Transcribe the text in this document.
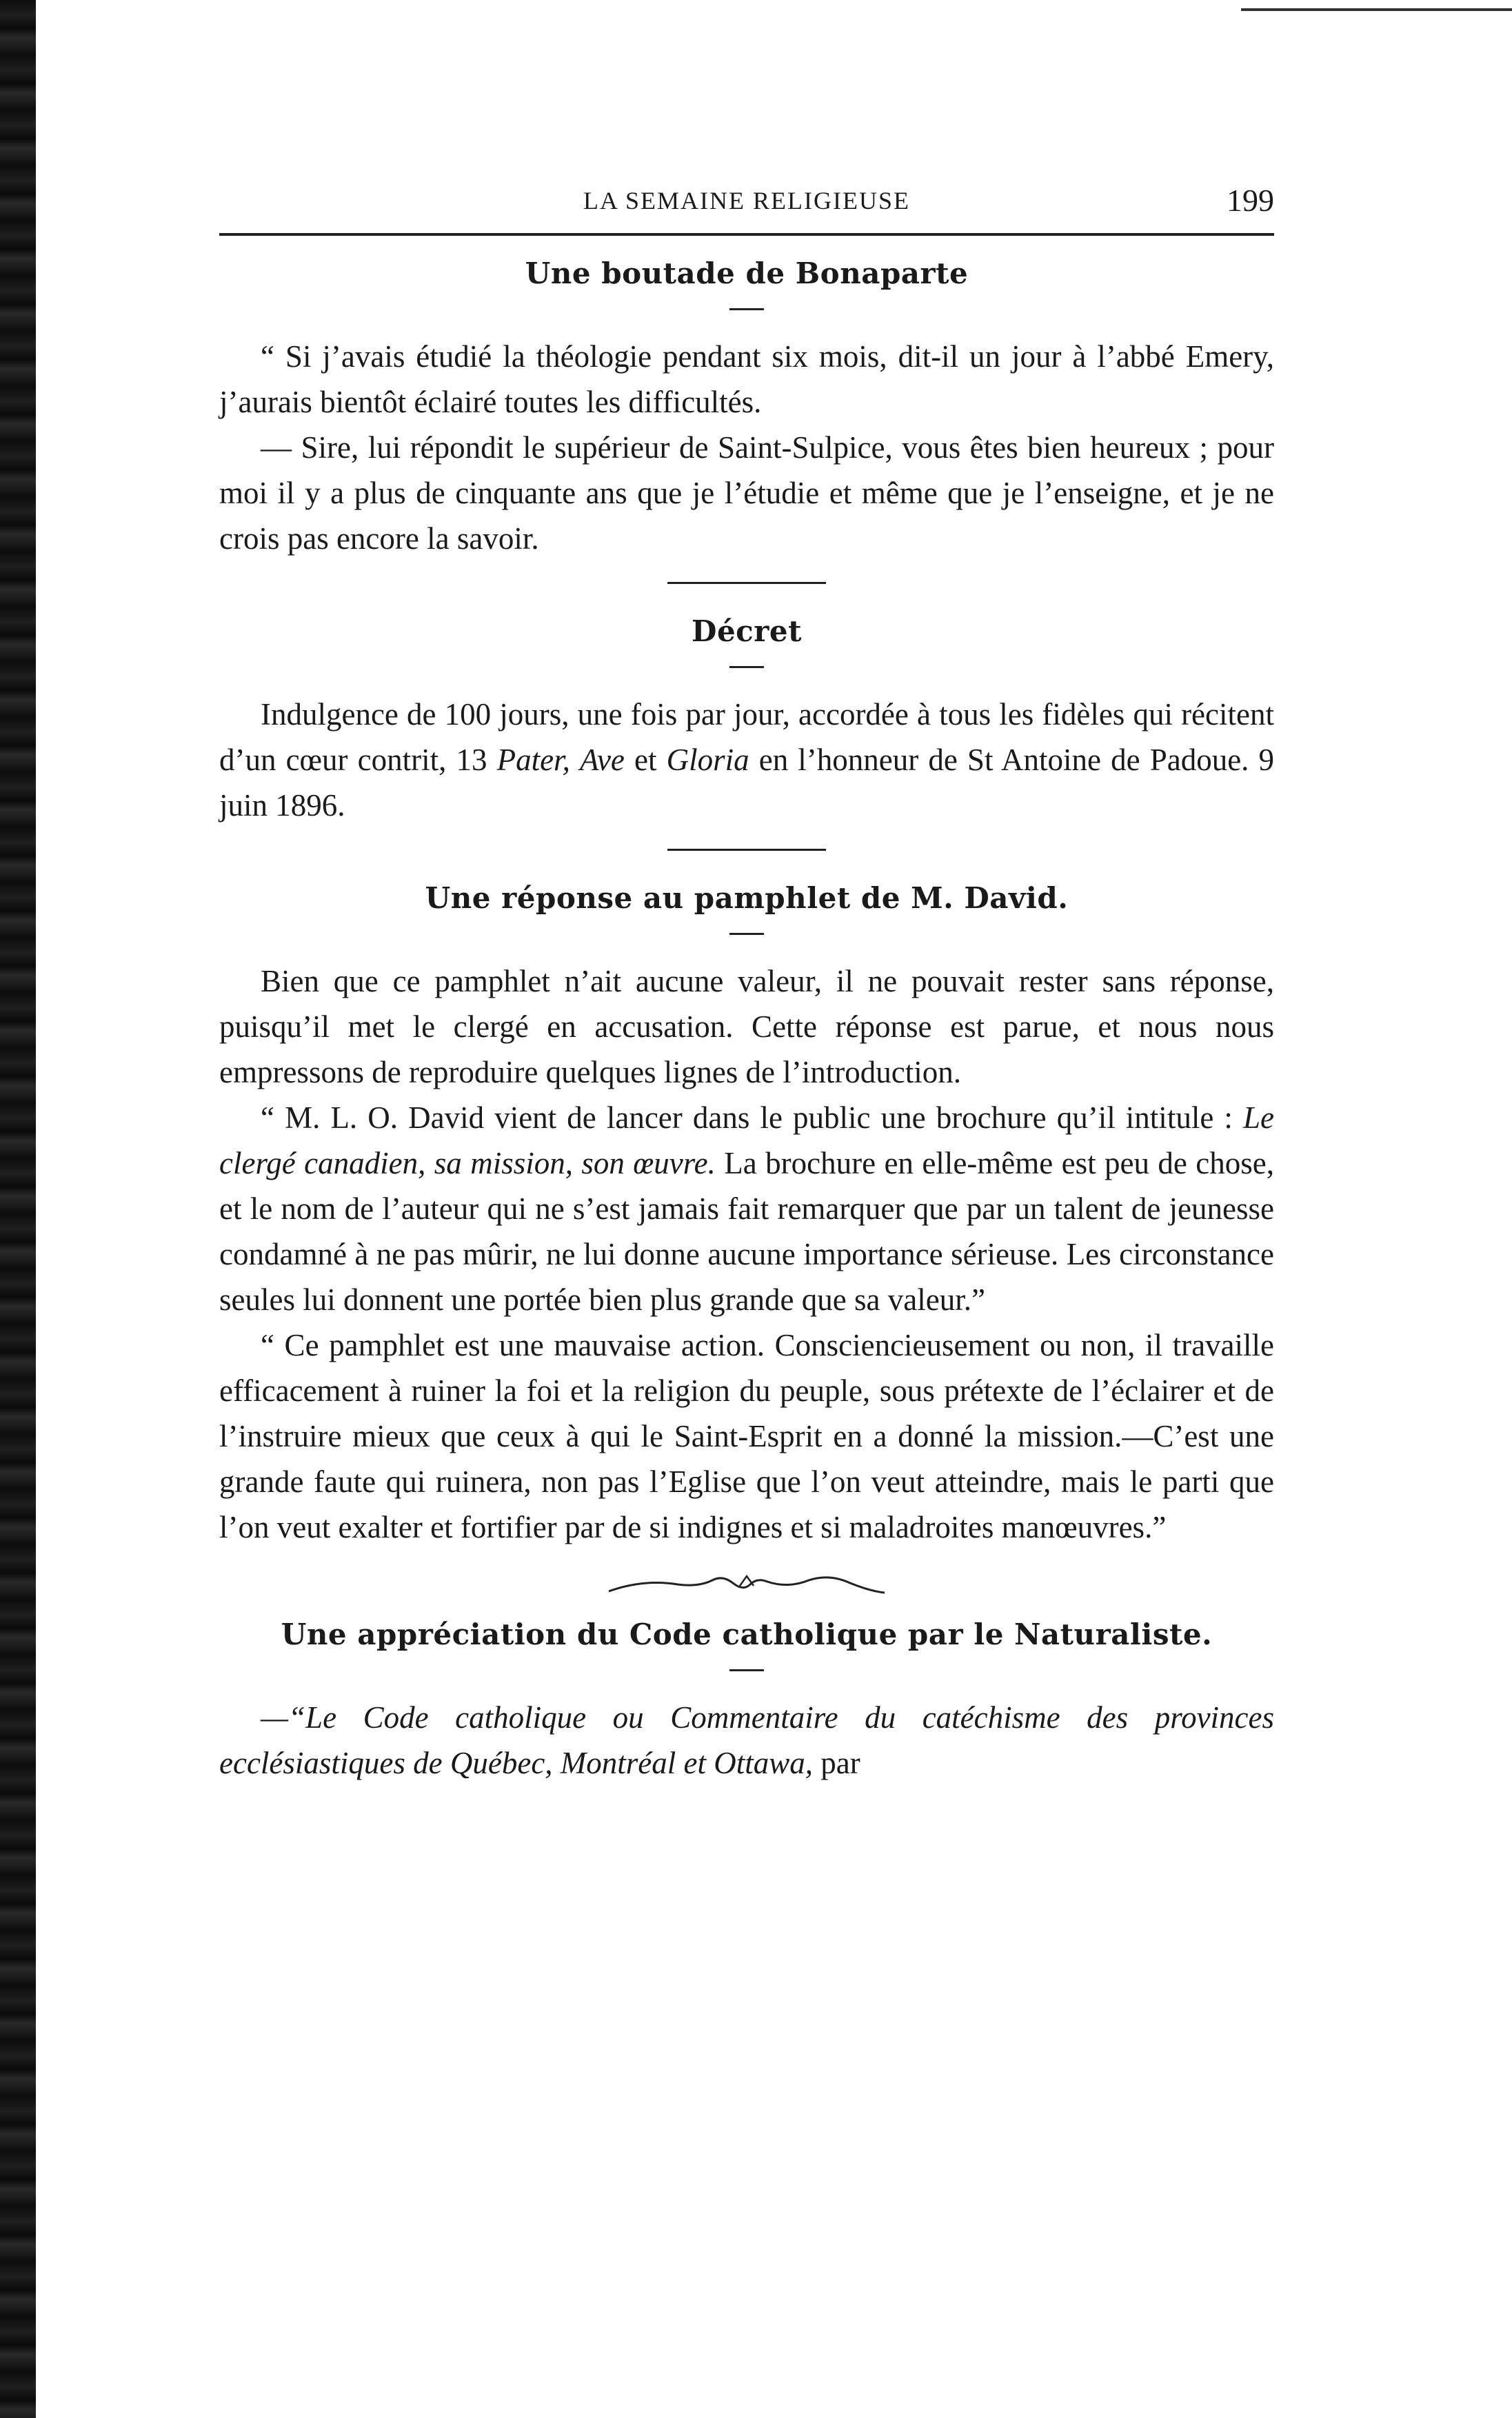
LA SEMAINE RELIGIEUSE	199
Une boutade de Bonaparte

“ Si j’avais étudié la théologie pendant six mois, dit-il un jour à l’abbé Emery, j’aurais bientôt éclairé toutes les difficultés.

— Sire, lui répondit le supérieur de Saint-Sulpice, vous êtes bien heureux ; pour moi il y a plus de cinquante ans que je l’étudie et même que je l’enseigne, et je ne crois pas encore la savoir.

Décret

Indulgence de 100 jours, une fois par jour, accordée à tous les fidèles qui récitent d’un cœur contrit, 13 Pater, Ave et Gloria en l’honneur de St Antoine de Padoue. 9 juin 1896.

Une réponse au pamphlet de M. David.

Bien que ce pamphlet n’ait aucune valeur, il ne pouvait rester sans réponse, puisqu’il met le clergé en accusation. Cette réponse est parue, et nous nous empressons de reproduire quelques lignes de l’introduction.

“ M. L. O. David vient de lancer dans le public une brochure qu’il intitule : Le clergé canadien, sa mission, son œuvre. La brochure en elle-même est peu de chose, et le nom de l’auteur qui ne s’est jamais fait remarquer que par un talent de jeunesse condamné à ne pas mûrir, ne lui donne aucune importance sérieuse. Les circonstance seules lui donnent une portée bien plus grande que sa valeur.”

“ Ce pamphlet est une mauvaise action. Consciencieusement ou non, il travaille efficacement à ruiner la foi et la religion du peuple, sous prétexte de l’éclairer et de l’instruire mieux que ceux à qui le Saint-Esprit en a donné la mission.—C’est une grande faute qui ruinera, non pas l’Eglise que l’on veut atteindre, mais le parti que l’on veut exalter et fortifier par de si indignes et si maladroites manœuvres.”

Une appréciation du Code catholique par le Naturaliste.

—“Le Code catholique ou Commentaire du catéchisme des provinces ecclésiastiques de Québec, Montréal et Ottawa, par
